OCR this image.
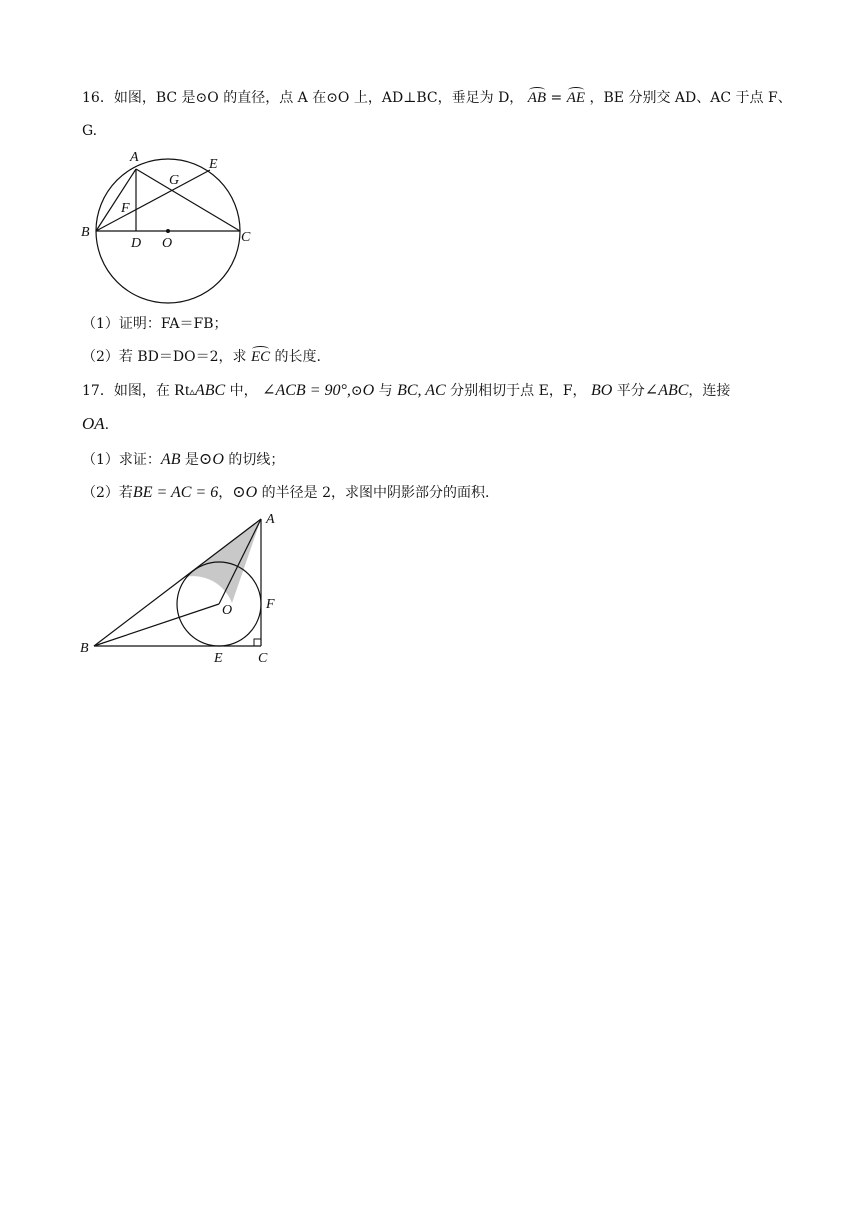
16．如图，BC 是⊙O 的直径，点 A 在⊙O 上，AD⊥BC，垂足为 D， AB = AE ，BE 分别交 AD、AC 于点 F、
G.
A	E
G
F
B	C
D O
（1）证明：FA＝FB；
（2）若 BD＝DO＝2，求 EC 的长度.
17．如图，在 Rt▵ABC 中， ∠ACB = 90°,⊙O 与 BC, AC 分别相切于点 E，F， BO 平分∠ABC，连接
OA.
（1）求证：AB 是⊙O 的切线；
（2）若BE = AC = 6，⊙O 的半径是 2，求图中阴影部分的面积.
A
F
O
B
E	C
